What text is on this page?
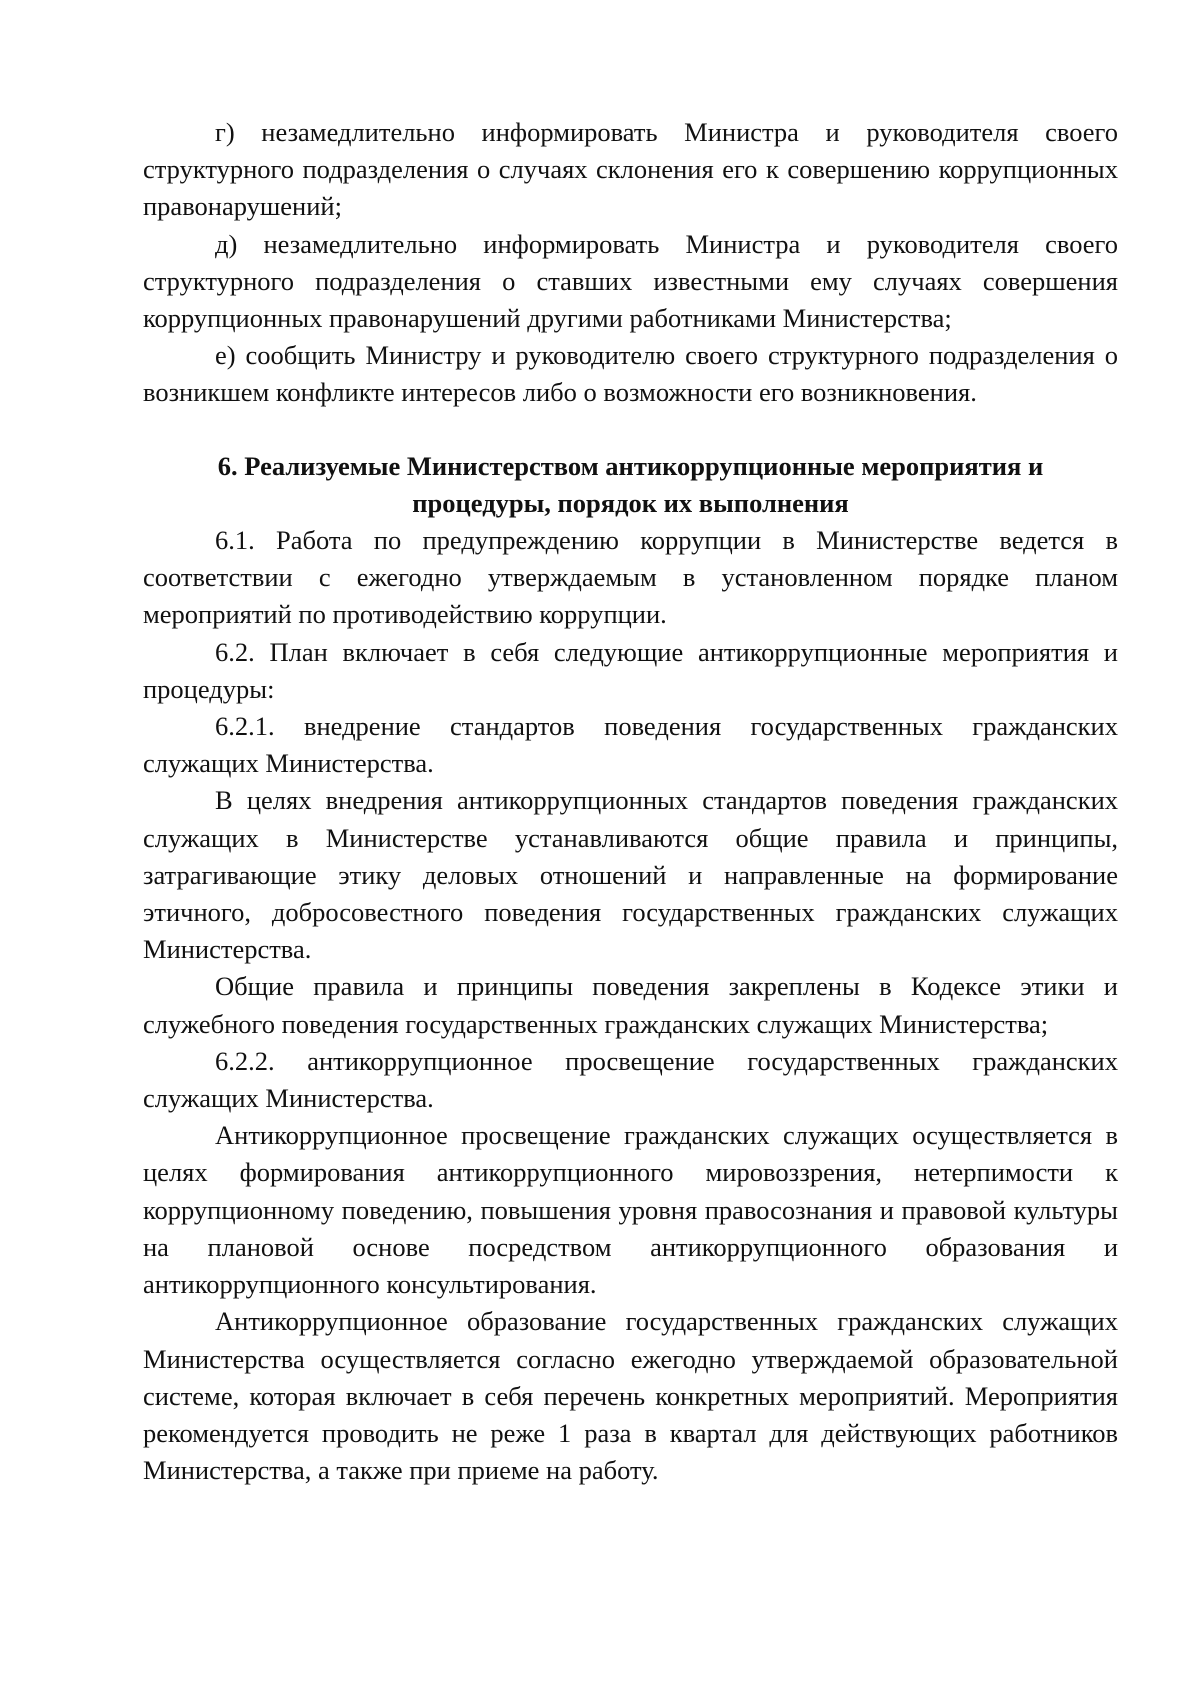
г) незамедлительно информировать Министра и руководителя своего структурного подразделения о случаях склонения его к совершению коррупционных правонарушений;

д) незамедлительно информировать Министра и руководителя своего структурного подразделения о ставших известными ему случаях совершения коррупционных правонарушений другими работниками Министерства;

е) сообщить Министру и руководителю своего структурного подразделения о возникшем конфликте интересов либо о возможности его возникновения.

6. Реализуемые Министерством антикоррупционные мероприятия и
процедуры, порядок их выполнения

6.1. Работа по предупреждению коррупции в Министерстве ведется в соответствии с ежегодно утверждаемым в установленном порядке планом мероприятий по противодействию коррупции.

6.2. План включает в себя следующие антикоррупционные мероприятия и процедуры:

6.2.1. внедрение стандартов поведения государственных гражданских служащих Министерства.

В целях внедрения антикоррупционных стандартов поведения гражданских служащих в Министерстве устанавливаются общие правила и принципы, затрагивающие этику деловых отношений и направленные на формирование этичного, добросовестного поведения государственных гражданских служащих Министерства.

Общие правила и принципы поведения закреплены в Кодексе этики и служебного поведения государственных гражданских служащих Министерства;

6.2.2. антикоррупционное просвещение государственных гражданских служащих Министерства.

Антикоррупционное просвещение гражданских служащих осуществляется в целях формирования антикоррупционного мировоззрения, нетерпимости к коррупционному поведению, повышения уровня правосознания и правовой культуры на плановой основе посредством антикоррупционного образования и антикоррупционного консультирования.

Антикоррупционное образование государственных гражданских служащих Министерства осуществляется согласно ежегодно утверждаемой образовательной системе, которая включает в себя перечень конкретных мероприятий. Мероприятия рекомендуется проводить не реже 1 раза в квартал для действующих работников Министерства, а также при приеме на работу.
